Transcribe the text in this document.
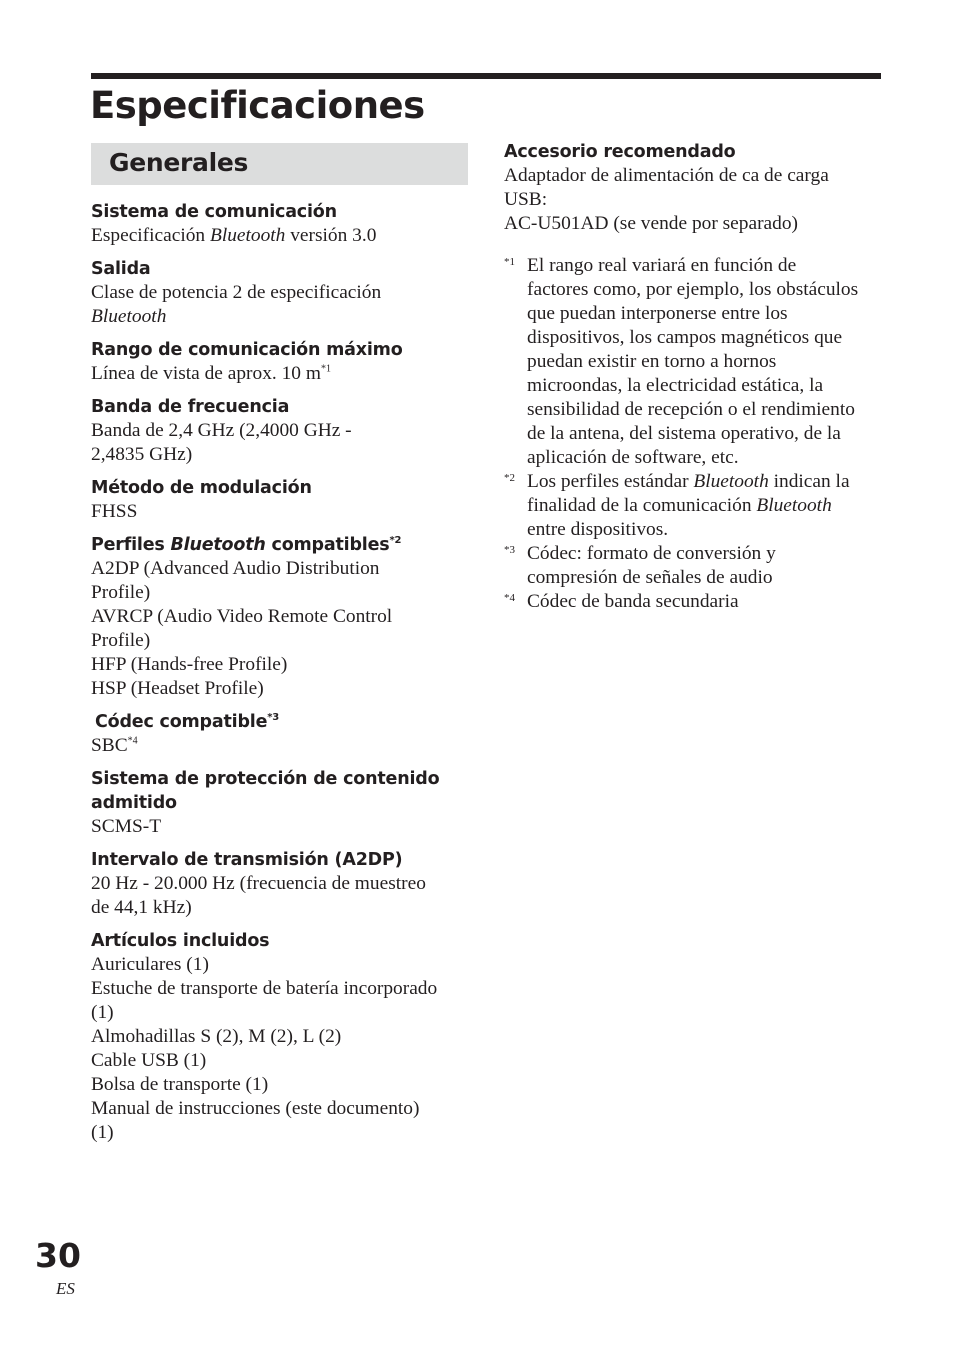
Especificaciones
Generales
Sistema de comunicación
Especificación Bluetooth versión 3.0
Salida
Clase de potencia 2 de especificación
Bluetooth
Rango de comunicación máximo
Línea de vista de aprox. 10 $m^{*1}$
Banda de frecuencia
Banda de 2,4 GHz (2,4000 GHz -
2,4835 GHz)
Método de modulación
FHSS
Perfiles Bluetooth compatibles$^{*2}$
A2DP (Advanced Audio Distribution
Profile)
AVRCP (Audio Video Remote Control
Profile)
HFP (Hands-free Profile)
HSP (Headset Profile)
Códec compatible$^{*3}$
SBC$^{*4}$
Sistema de protección de contenido
admitido
SCMS-T
Intervalo de transmisión (A2DP)
20 Hz - 20.000 Hz (frecuencia de muestreo
de 44,1 kHz)
Artículos incluidos
Auriculares (1)
Estuche de transporte de batería incorporado
(1)
Almohadillas S (2), M (2), L (2)
Cable USB (1)
Bolsa de transporte (1)
Manual de instrucciones (este documento)
(1)
Accesorio recomendado
Adaptador de alimentación de ca de carga
USB:
AC-U501AD (se vende por separado)
*1 El rango real variará en función de
factores como, por ejemplo, los obstáculos
que puedan interponerse entre los
dispositivos, los campos magnéticos que
puedan existir en torno a hornos
microondas, la electricidad estática, la
sensibilidad de recepción o el rendimiento
de la antena, del sistema operativo, de la
aplicación de software, etc.
*2 Los perfiles estándar Bluetooth indican la
finalidad de la comunicación Bluetooth
entre dispositivos.
*3 Códec: formato de conversión y
compresión de señales de audio
*4 Códec de banda secundaria
30
ES
